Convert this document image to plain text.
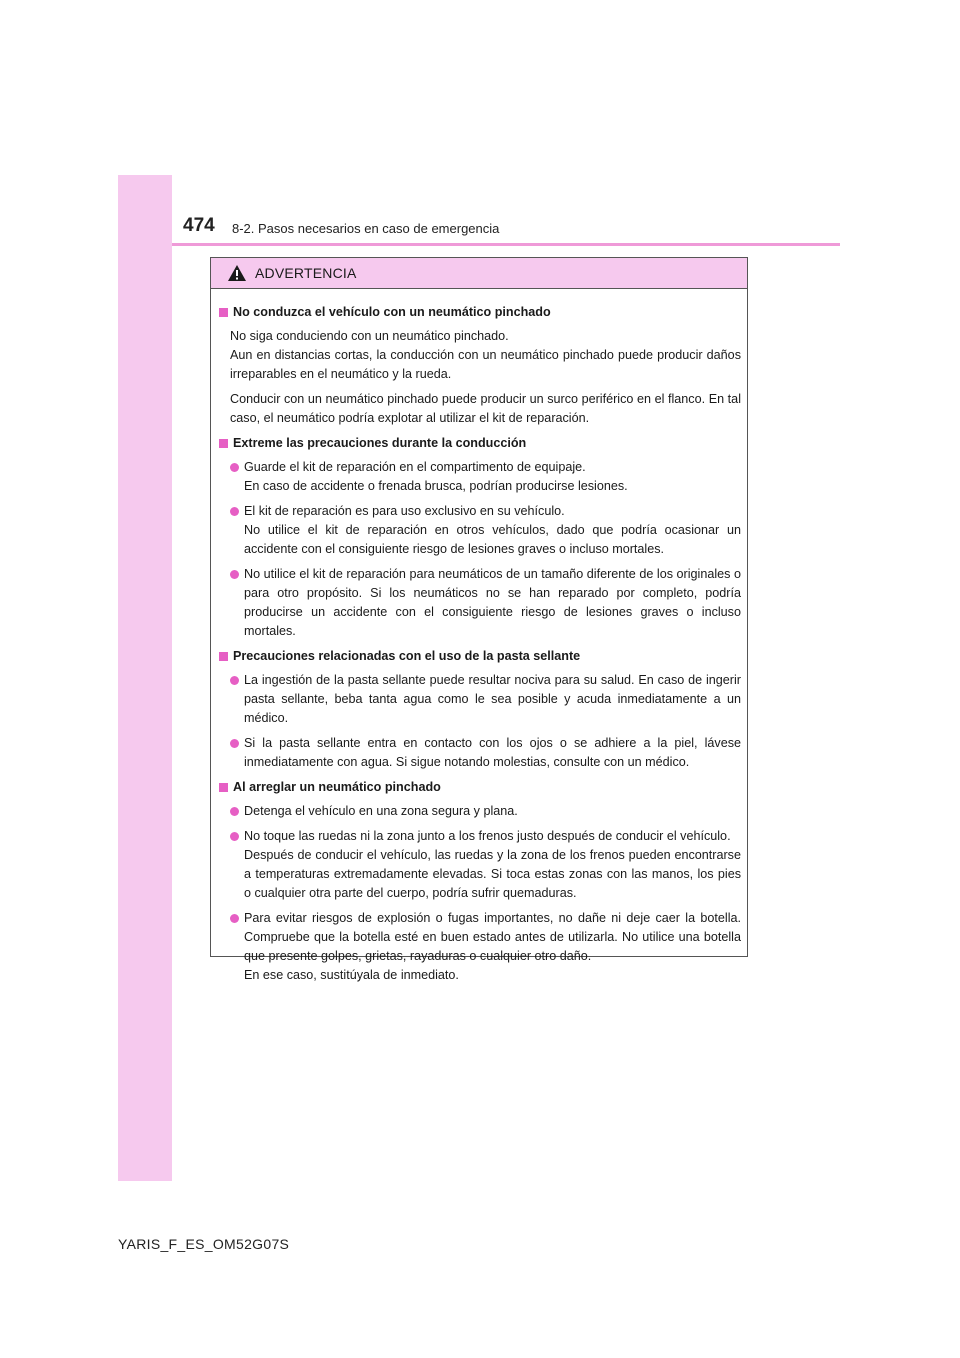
474 8-2. Pasos necesarios en caso de emergencia
ADVERTENCIA
No conduzca el vehículo con un neumático pinchado
No siga conduciendo con un neumático pinchado.
Aun en distancias cortas, la conducción con un neumático pinchado puede producir daños irreparables en el neumático y la rueda.
Conducir con un neumático pinchado puede producir un surco periférico en el flanco. En tal caso, el neumático podría explotar al utilizar el kit de reparación.
Extreme las precauciones durante la conducción
Guarde el kit de reparación en el compartimento de equipaje.
En caso de accidente o frenada brusca, podrían producirse lesiones.
El kit de reparación es para uso exclusivo en su vehículo.
No utilice el kit de reparación en otros vehículos, dado que podría ocasionar un accidente con el consiguiente riesgo de lesiones graves o incluso mortales.
No utilice el kit de reparación para neumáticos de un tamaño diferente de los originales o para otro propósito. Si los neumáticos no se han reparado por completo, podría producirse un accidente con el consiguiente riesgo de lesiones graves o incluso mortales.
Precauciones relacionadas con el uso de la pasta sellante
La ingestión de la pasta sellante puede resultar nociva para su salud. En caso de ingerir pasta sellante, beba tanta agua como le sea posible y acuda inmediatamente a un médico.
Si la pasta sellante entra en contacto con los ojos o se adhiere a la piel, lávese inmediatamente con agua. Si sigue notando molestias, consulte con un médico.
Al arreglar un neumático pinchado
Detenga el vehículo en una zona segura y plana.
No toque las ruedas ni la zona junto a los frenos justo después de conducir el vehículo.
Después de conducir el vehículo, las ruedas y la zona de los frenos pueden encontrarse a temperaturas extremadamente elevadas. Si toca estas zonas con las manos, los pies o cualquier otra parte del cuerpo, podría sufrir quemaduras.
Para evitar riesgos de explosión o fugas importantes, no dañe ni deje caer la botella. Compruebe que la botella esté en buen estado antes de utilizarla. No utilice una botella que presente golpes, grietas, rayaduras o cualquier otro daño.
En ese caso, sustitúyala de inmediato.
YARIS_F_ES_OM52G07S
